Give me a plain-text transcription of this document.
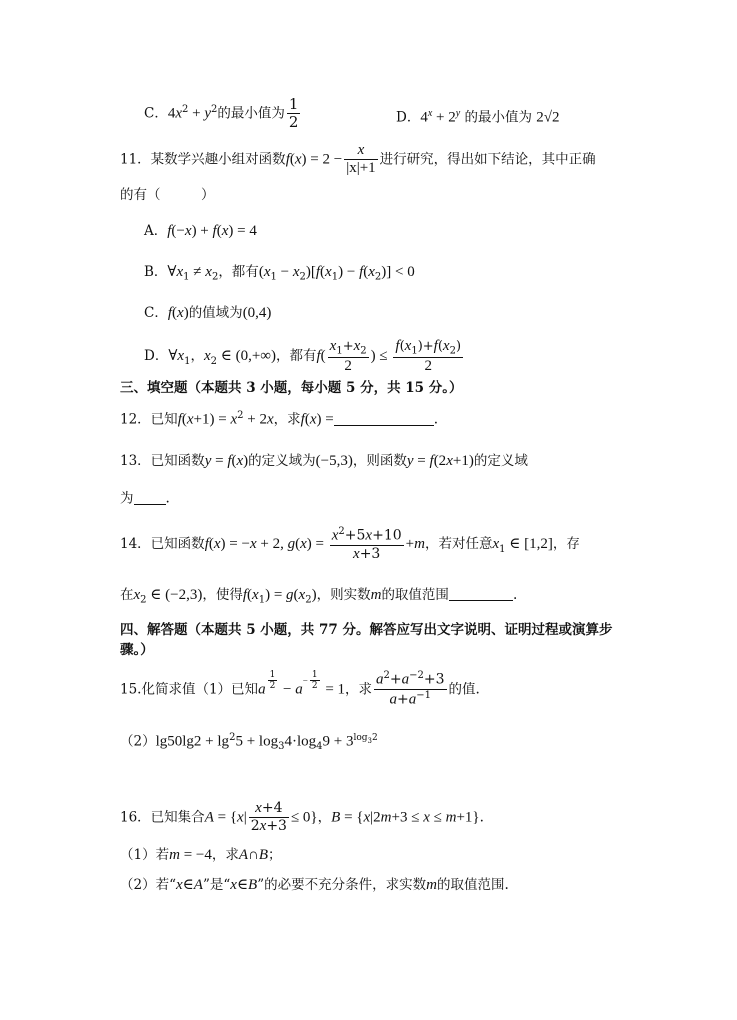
C．$4x^2 + y^2$的最小值为 $\frac{1}{2}$	D．$4^x + 2^y$ 的最小值为 2√2
11．某数学兴趣小组对函数$f(x) = 2 - \frac{x}{|x|+1}$ 进行研究，得出如下结论，其中正确
的有（　　　）
A．f(−x) + f(x) = 4
B．$\forall x_1 \ne x_2$，都有$(x_1 - x_2)[f(x_1) - f(x_2)] < 0$
C．f(x)的值域为(0,4)
D．$\forall x_1$，$x_2$ ∈ (0,+∞)，都有$f( \frac{x_1+x_2}{2}$ ) ≤ $\frac{f(x_1)+f(x_2)}{2}$
三、填空题（本题共 3 小题，每小题 5 分，共 15 分。）
12．已知$f(x+1) = x^2 + 2x$，求f(x) =	.
13．已知函数y = f(x)的定义域为(−5,3)，则函数y = f(2x+1)的定义域
为 .
14．已知函数f(x) = −x + 2, $g(x) = \frac{x^2+5x+10}{x+3} +m$，若对任意$x_1$ ∈ [1,2]，存
在$x_2$ ∈ (−2,3)，使得$f(x_1) = g(x_2)$，则实数m的取值范围	.
四、解答题（本题共 5 小题，共 77 分。解答应写出文字说明、证明过程或演算步
骤。）
15.化简求值（1）已知a $^{\frac{1}{2}} - a^{- \frac{1}{2}} = 1$，求 $\frac{a^2+a^{-2}+3}{a+a^{-1}}$ 的值.
$(2)\lg 50\lg 2 + \lg^25 + \log_34\cdot\log_49 + 3^{log_32}$
16．已知集合$A = \{x| \frac{x+4}{2x+3} \le 0\}$，B = {x|2m+3 ≤ x ≤ m+1}.
（1）若m = −4，求A∩B；
（2）若“x∈A”是“x∈B”的必要不充分条件，求实数m的取值范围.
